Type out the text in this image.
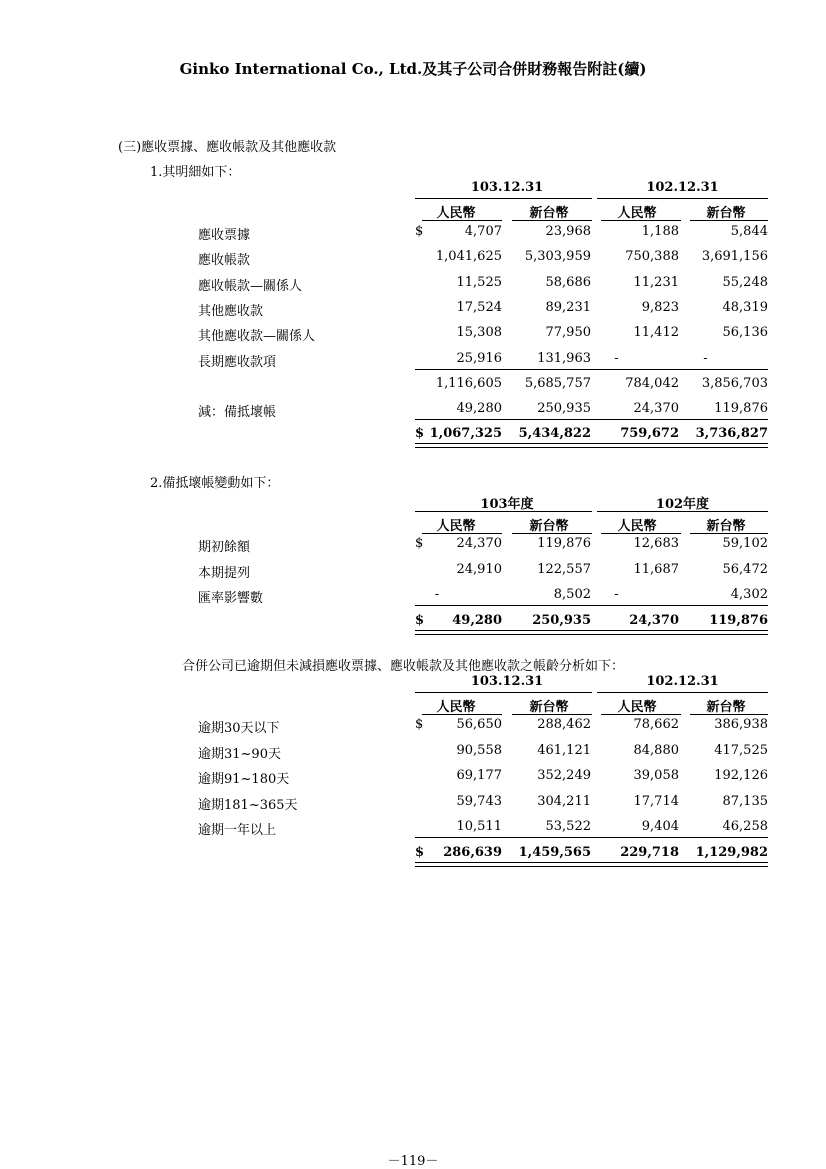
Ginko International Co., Ltd.及其子公司合併財務報告附註(續)
(三)應收票據、應收帳款及其他應收款
1.其明細如下：
2.備抵壞帳變動如下：
合併公司已逾期但未減損應收票據、應收帳款及其他應收款之帳齡分析如下：
103.12.31	102.12.31
人民幣	新台幣	人民幣	新台幣
應收票據	$	4,707	23,968	1,188	5,844
應收帳款	1,041,625	5,303,959	750,388	3,691,156
應收帳款—關係人	11,525	58,686	11,231	55,248
其他應收款	17,524	89,231	9,823	48,319
其他應收款—關係人	15,308	77,950	11,412	56,136
長期應收款項	25,916	131,963	-	-
1,116,605	5,685,757	784,042	3,856,703
減：備抵壞帳	49,280	250,935	24,370	119,876
$ 1,067,325	5,434,822	759,672	3,736,827
103年度	102年度
人民幣	新台幣	人民幣	新台幣
期初餘額	$	24,370	119,876	12,683	59,102
本期提列	24,910	122,557	11,687	56,472
匯率影響數	-	8,502	-	4,302
$	49,280	250,935	24,370	119,876
103.12.31	102.12.31
人民幣	新台幣	人民幣	新台幣
逾期30天以下	$	56,650	288,462	78,662	386,938
逾期31~90天	90,558	461,121	84,880	417,525
逾期91~180天	69,177	352,249	39,058	192,126
逾期181~365天	59,743	304,211	17,714	87,135
逾期一年以上	10,511	53,522	9,404	46,258
$	286,639	1,459,565	229,718	1,129,982
－119－
